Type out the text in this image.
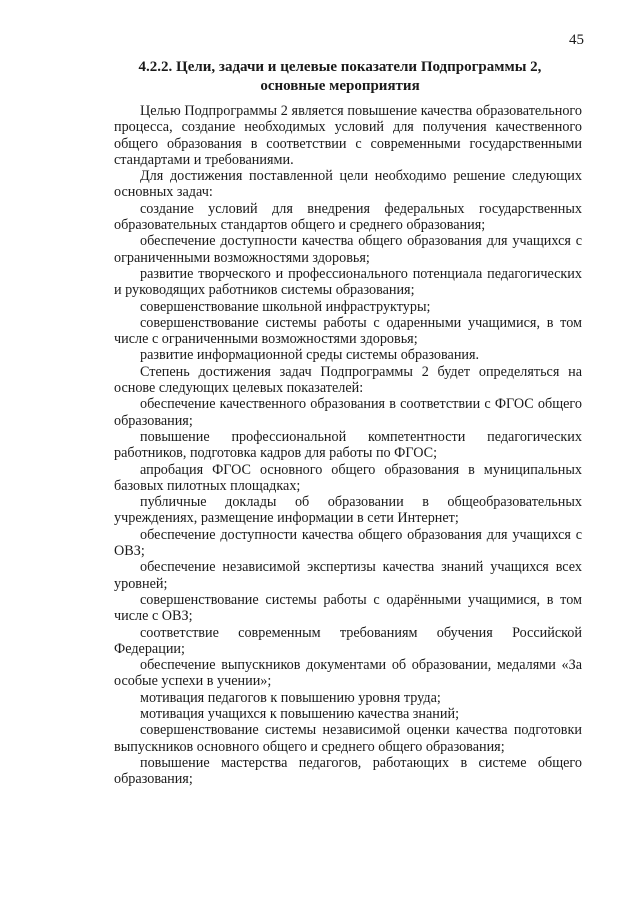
45
4.2.2. Цели, задачи и целевые показатели Подпрограммы 2,
основные мероприятия

Целью Подпрограммы 2 является повышение качества образовательного процесса, создание необходимых условий для получения качественного общего образования в соответствии с современными государственными стандартами и требованиями.

Для достижения поставленной цели необходимо решение следующих основных задач:

создание условий для внедрения федеральных государственных образовательных стандартов общего и среднего образования;

обеспечение доступности качества общего образования для учащихся с ограниченными возможностями здоровья;

развитие творческого и профессионального потенциала педагогических и руководящих работников системы образования;

совершенствование школьной инфраструктуры;

совершенствование системы работы с одаренными учащимися, в том числе с ограниченными возможностями здоровья;

развитие информационной среды системы образования.

Степень достижения задач Подпрограммы 2 будет определяться на основе следующих целевых показателей:

обеспечение качественного образования в соответствии с ФГОС общего образования;

повышение профессиональной компетентности педагогических работников, подготовка кадров для работы по ФГОС;

апробация ФГОС основного общего образования в муниципальных базовых пилотных площадках;

публичные доклады об образовании в общеобразовательных учреждениях, размещение информации в сети Интернет;

обеспечение доступности качества общего образования для учащихся с ОВЗ;

обеспечение независимой экспертизы качества знаний учащихся всех уровней;

совершенствование системы работы с одарёнными учащимися, в том числе с ОВЗ;

соответствие современным требованиям обучения Российской Федерации;

обеспечение выпускников документами об образовании, медалями «За особые успехи в учении»;

мотивация педагогов к повышению уровня труда;

мотивация учащихся к повышению качества знаний;

совершенствование системы независимой оценки качества подготовки выпускников основного общего и среднего общего образования;

повышение мастерства педагогов, работающих в системе общего образования;
